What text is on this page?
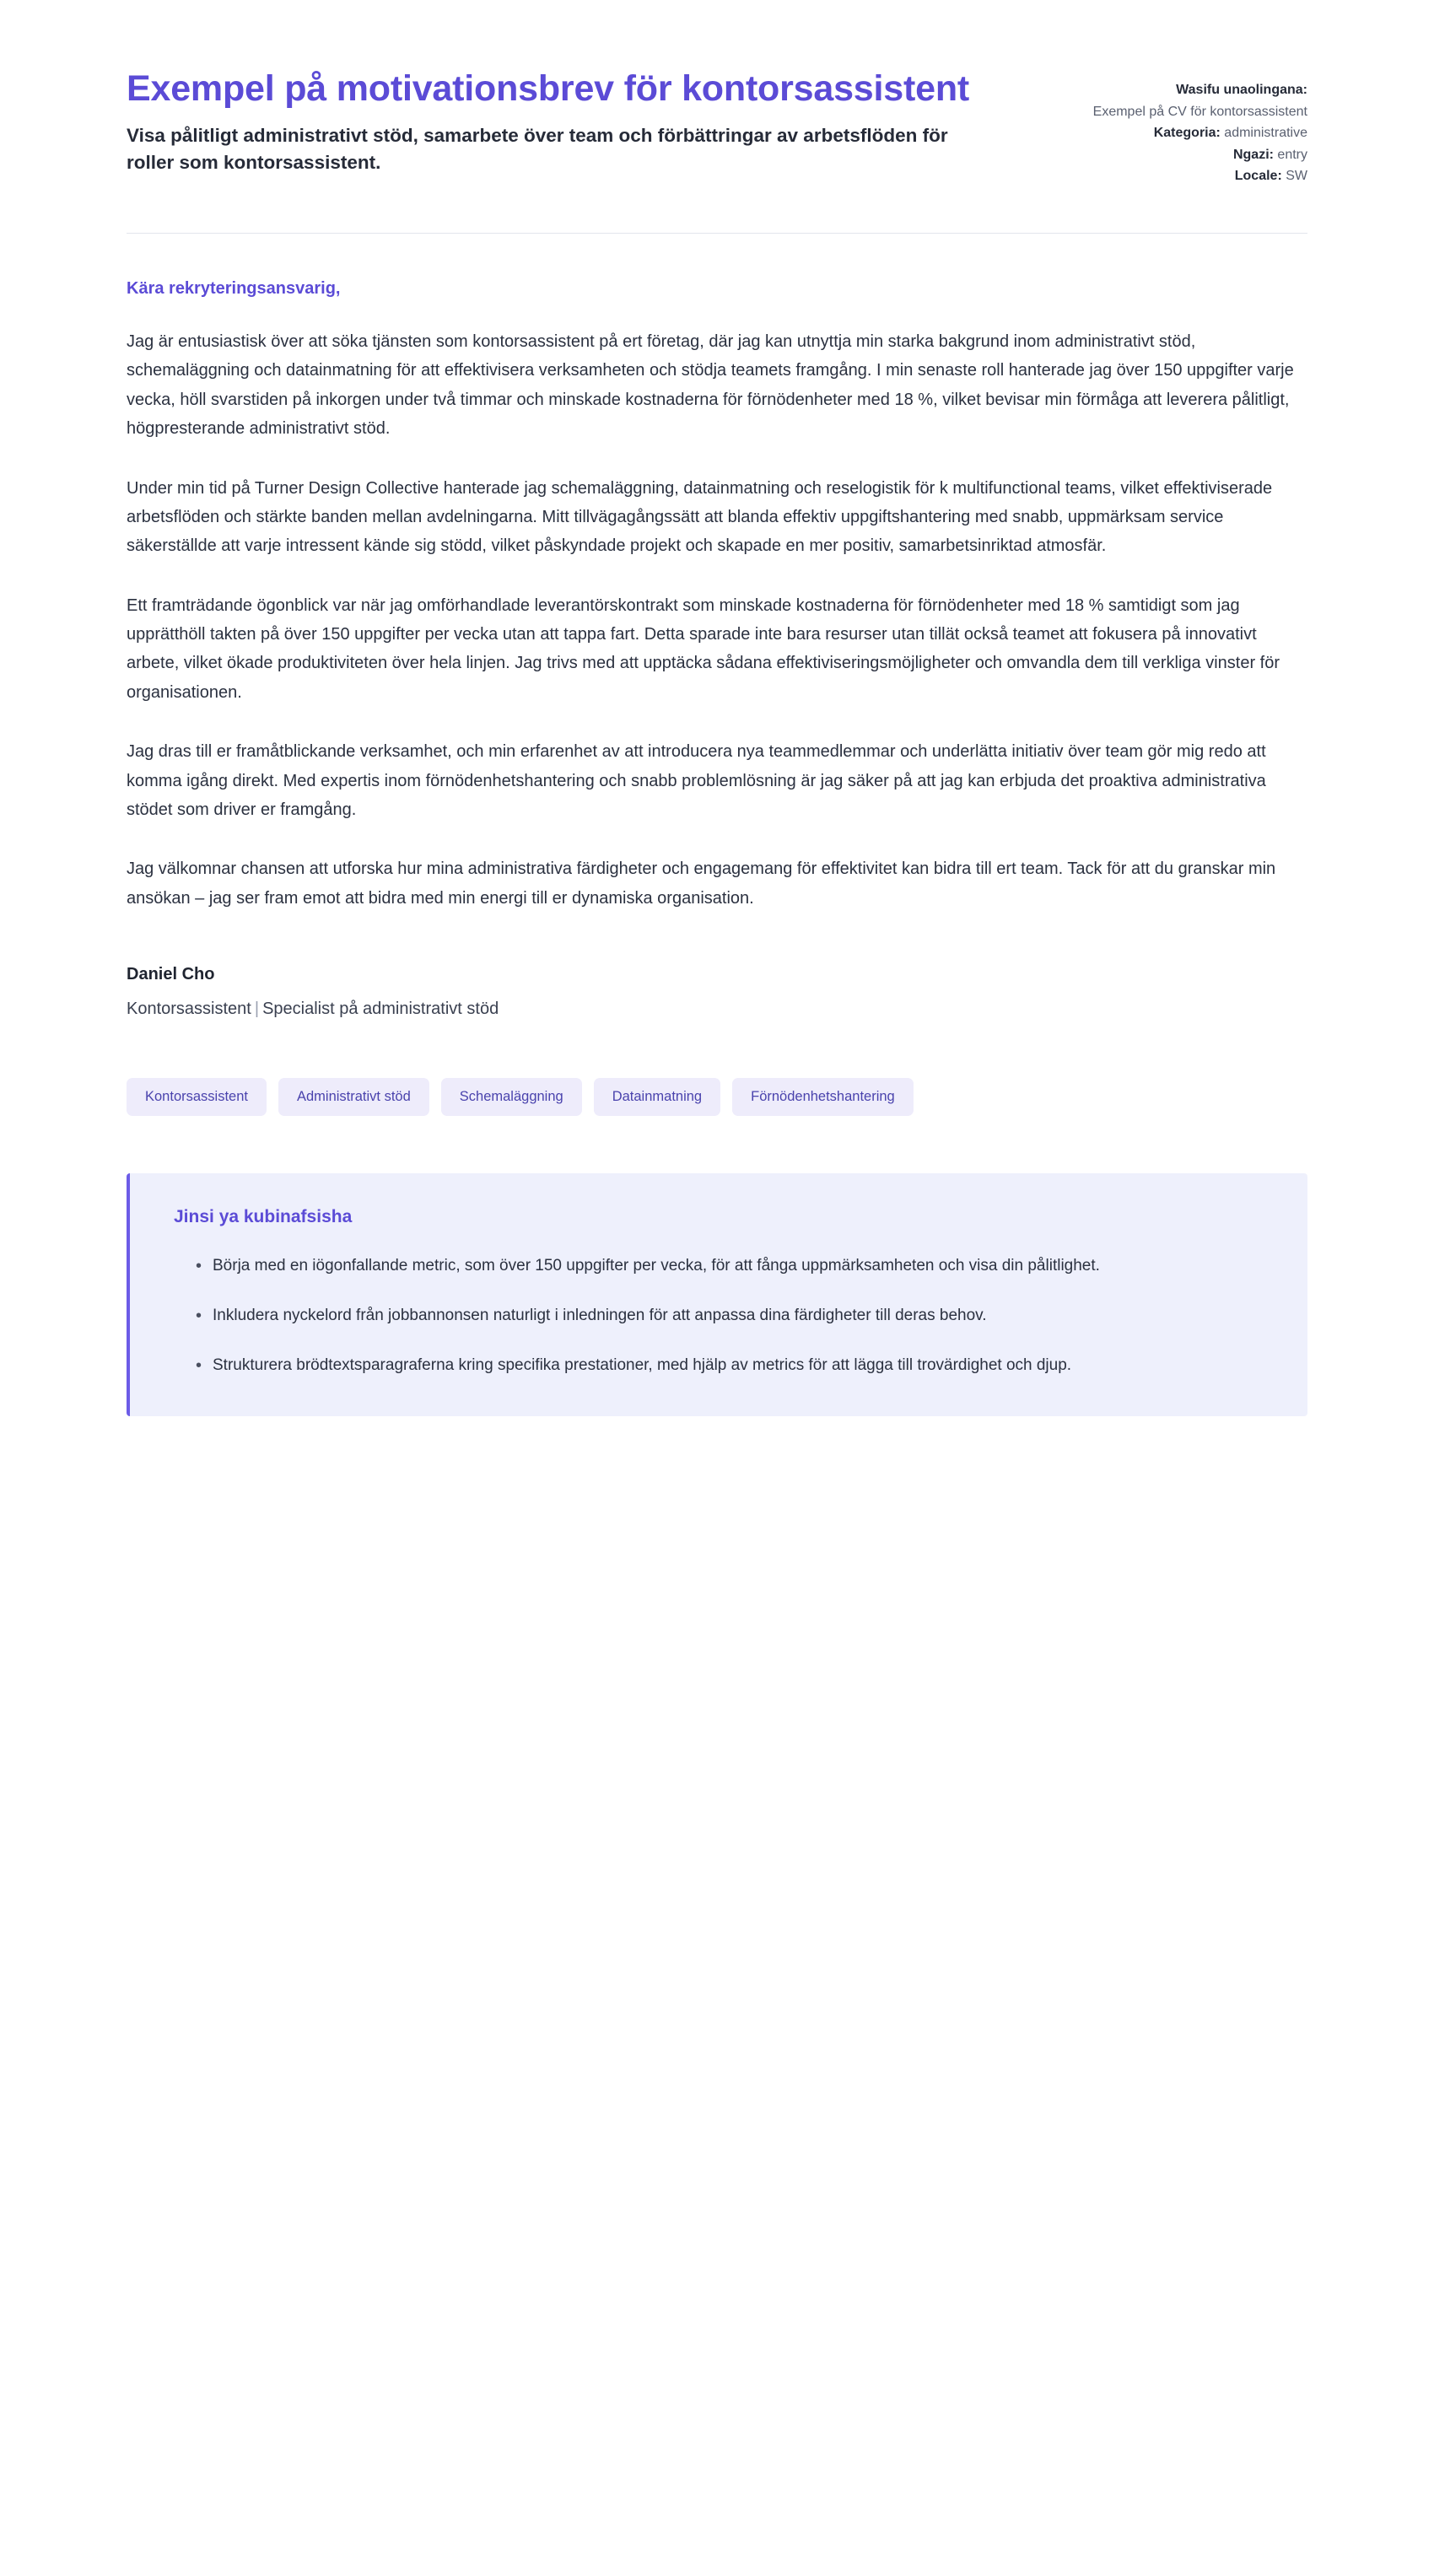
Exempel på motivationsbrev för kontorsassistent

Visa pålitligt administrativt stöd, samarbete över team och förbättringar av arbetsflöden för roller som kontorsassistent.

Wasifu unaolingana:
Exempel på CV för kontorsassistent
Kategoria: administrative
Ngazi: entry
Locale: SW

Kära rekryteringsansvarig,

Jag är entusiastisk över att söka tjänsten som kontorsassistent på ert företag, där jag kan utnyttja min starka bakgrund inom administrativt stöd, schemaläggning och datainmatning för att effektivisera verksamheten och stödja teamets framgång. I min senaste roll hanterade jag över 150 uppgifter varje vecka, höll svarstiden på inkorgen under två timmar och minskade kostnaderna för förnödenheter med 18 %, vilket bevisar min förmåga att leverera pålitligt, högpresterande administrativt stöd.

Under min tid på Turner Design Collective hanterade jag schemaläggning, datainmatning och reselogistik för k multifunctional teams, vilket effektiviserade arbetsflöden och stärkte banden mellan avdelningarna. Mitt tillvägagångssätt att blanda effektiv uppgiftshantering med snabb, uppmärksam service säkerställde att varje intressent kände sig stödd, vilket påskyndade projekt och skapade en mer positiv, samarbetsinriktad atmosfär.

Ett framträdande ögonblick var när jag omförhandlade leverantörskontrakt som minskade kostnaderna för förnödenheter med 18 % samtidigt som jag upprätthöll takten på över 150 uppgifter per vecka utan att tappa fart. Detta sparade inte bara resurser utan tillät också teamet att fokusera på innovativt arbete, vilket ökade produktiviteten över hela linjen. Jag trivs med att upptäcka sådana effektiviseringsmöjligheter och omvandla dem till verkliga vinster för organisationen.

Jag dras till er framåtblickande verksamhet, och min erfarenhet av att introducera nya teammedlemmar och underlätta initiativ över team gör mig redo att komma igång direkt. Med expertis inom förnödenhetshantering och snabb problemlösning är jag säker på att jag kan erbjuda det proaktiva administrativa stödet som driver er framgång.

Jag välkomnar chansen att utforska hur mina administrativa färdigheter och engagemang för effektivitet kan bidra till ert team. Tack för att du granskar min ansökan – jag ser fram emot att bidra med min energi till er dynamiska organisation.

Daniel Cho

Kontorsassistent | Specialist på administrativt stöd

Kontorsassistent	Administrativt stöd	Schemaläggning	Datainmatning	Förnödenhetshantering

Jinsi ya kubinafsisha

• Börja med en iögonfallande metric, som över 150 uppgifter per vecka, för att fånga uppmärksamheten och visa din pålitlighet.
• Inkludera nyckelord från jobbannonsen naturligt i inledningen för att anpassa dina färdigheter till deras behov.
• Strukturera brödtextsparagraferna kring specifika prestationer, med hjälp av metrics för att lägga till trovärdighet och djup.
